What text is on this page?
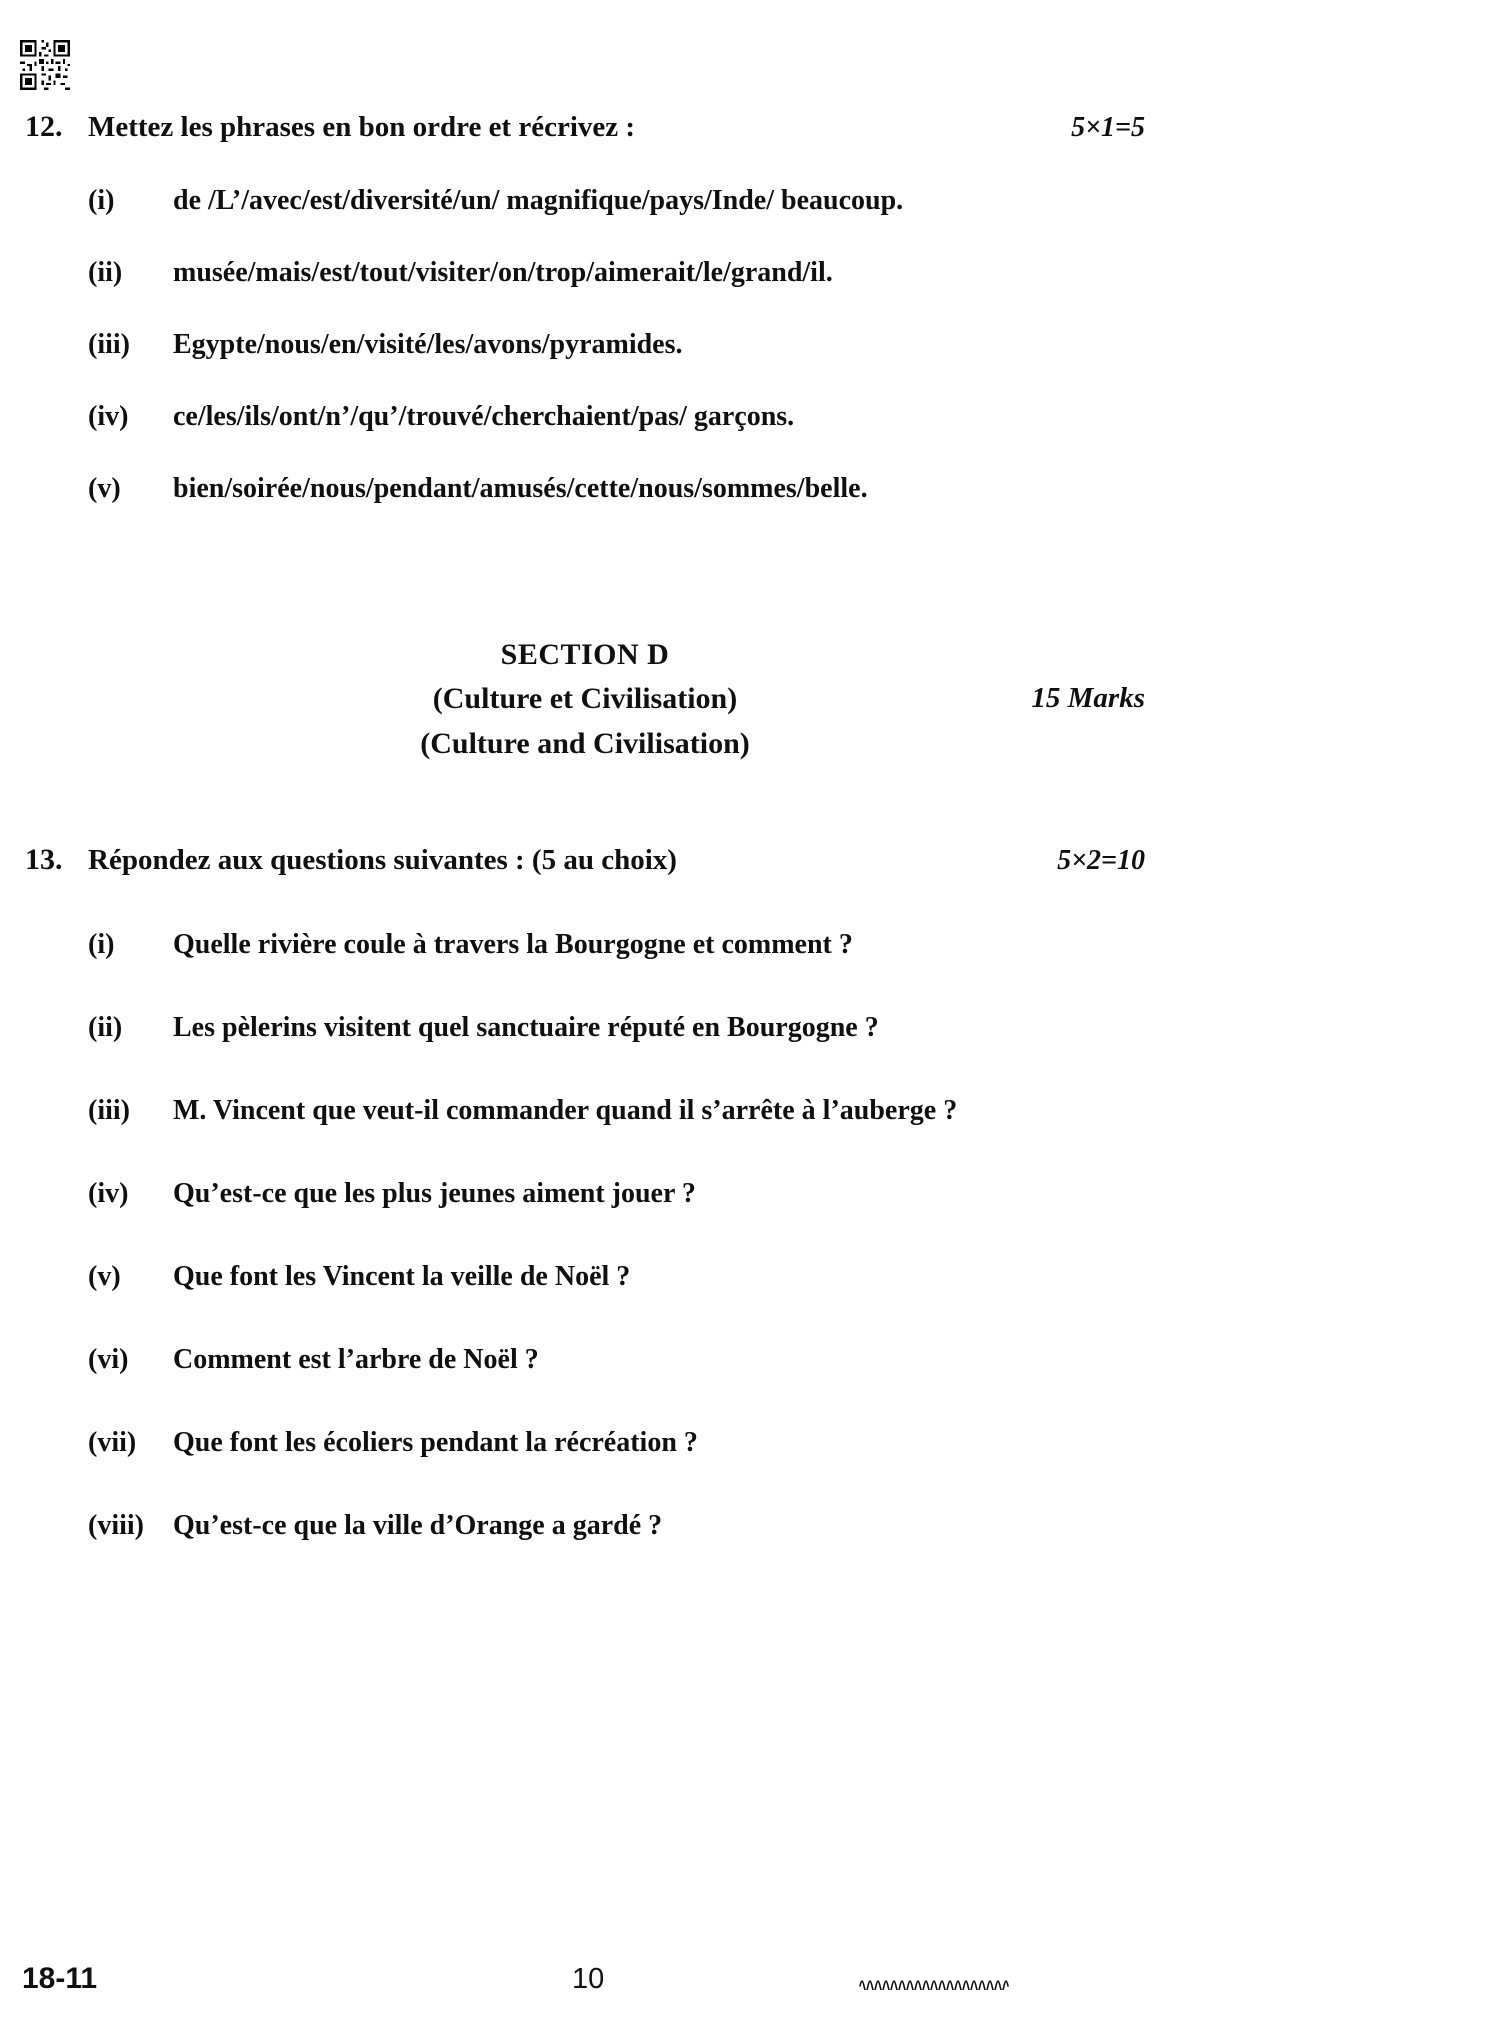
12. Mettez les phrases en bon ordre et récrivez :	5×1=5
(i)	de /L’/avec/est/diversité/un/ magnifique/pays/Inde/ beaucoup.
(ii)	musée/mais/est/tout/visiter/on/trop/aimerait/le/grand/il.
(iii)	Egypte/nous/en/visité/les/avons/pyramides.
(iv)	ce/les/ils/ont/n’/qu’/trouvé/cherchaient/pas/ garçons.
(v)	bien/soirée/nous/pendant/amusés/cette/nous/sommes/belle.
SECTION D
(Culture et Civilisation)	15 Marks
(Culture and Civilisation)
13. Répondez aux questions suivantes : (5 au choix)	5×2=10
(i)	Quelle rivière coule à travers la Bourgogne et comment ?
(ii)	Les pèlerins visitent quel sanctuaire réputé en Bourgogne ?
(iii)	M. Vincent que veut-il commander quand il s’arrête à l’auberge ?
(iv)	Qu’est-ce que les plus jeunes aiment jouer ?
(v)	Que font les Vincent la veille de Noël ?
(vi)	Comment est l’arbre de Noël ?
(vii)	Que font les écoliers pendant la récréation ?
(viii)	Qu’est-ce que la ville d’Orange a gardé ?
18-11	10
